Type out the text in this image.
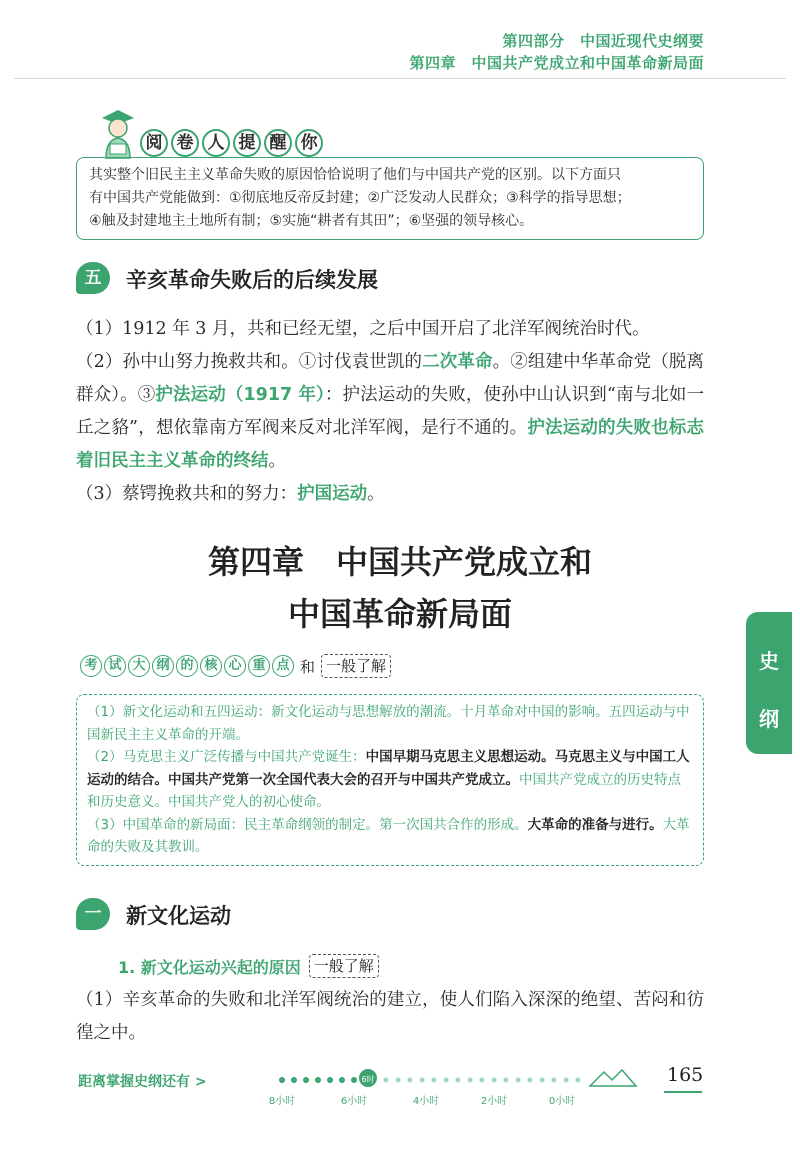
第四部分　中国近现代史纲要
第四章　中国共产党成立和中国革命新局面
阅 卷 人 提 醒 你
其实整个旧民主主义革命失败的原因恰恰说明了他们与中国共产党的区别。以下方面只
有中国共产党能做到：①彻底地反帝反封建；②广泛发动人民群众；③科学的指导思想；
④触及封建地主土地所有制；⑤实施“耕者有其田”；⑥坚强的领导核心。
五	辛亥革命失败后的后续发展
（1）1912 年 3 月，共和已经无望，之后中国开启了北洋军阀统治时代。
（2）孙中山努力挽救共和。①讨伐袁世凯的二次革命。②组建中华革命党（脱离群众）。③护法运动（1917 年）：护法运动的失败，使孙中山认识到“南与北如一丘之貉”，想依靠南方军阀来反对北洋军阀，是行不通的。护法运动的失败也标志着旧民主主义革命的终结。
（3）蔡锷挽救共和的努力：护国运动。
第四章　中国共产党成立和
中国革命新局面
考 试 大 纲 的 核 心 重 点 和 一般了解
（1）新文化运动和五四运动：新文化运动与思想解放的潮流。十月革命对中国的影响。五四运动与中国新民主主义革命的开端。
（2）马克思主义广泛传播与中国共产党诞生：中国早期马克思主义思想运动。马克思主义与中国工人运动的结合。中国共产党第一次全国代表大会的召开与中国共产党成立。中国共产党成立的历史特点和历史意义。中国共产党人的初心使命。
（3）中国革命的新局面：民主革命纲领的制定。第一次国共合作的形成。大革命的准备与进行。大革命的失败及其教训。
一	新文化运动
1. 新文化运动兴起的原因 一般了解
（1）辛亥革命的失败和北洋军阀统治的建立，使人们陷入深深的绝望、苦闷和彷徨之中。
史
纲
距离掌握史纲还有 >	6时
8小时	6小时	4小时	2小时	0小时
165
